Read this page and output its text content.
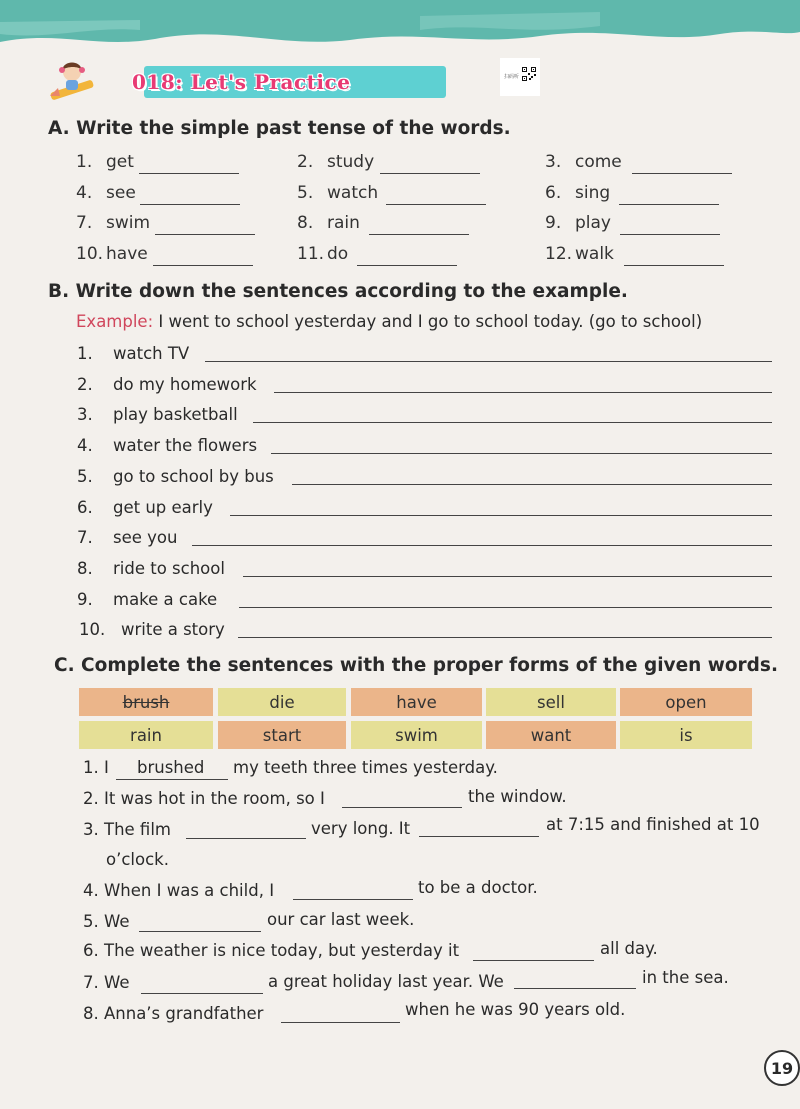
018: Let's Practice	扫码听
A. Write the simple past tense of the words.
1. get	2. study	3. come
4. see	5. watch	6. sing
7. swim	8. rain	9. play
10. have	11. do	12. walk
B. Write down the sentences according to the example.
Example: I went to school yesterday and I go to school today. (go to school)
1. watch TV
2. do my homework
3. play basketball
4. water the flowers
5. go to school by bus
6. get up early
7. see you
8. ride to school
9. make a cake
10. write a story
C. Complete the sentences with the proper forms of the given words.
brush	die	have	sell	open
rain	start	swim	want	is
1. I brushed my teeth three times yesterday.
2. It was hot in the room, so I	the window.
3. The film	very long. It	at 7:15 and finished at 10
o’clock.
4. When I was a child, I	to be a doctor.
5. We	our car last week.
6. The weather is nice today, but yesterday it	all day.
7. We	a great holiday last year. We	in the sea.
8. Anna’s grandfather	when he was 90 years old.
19
